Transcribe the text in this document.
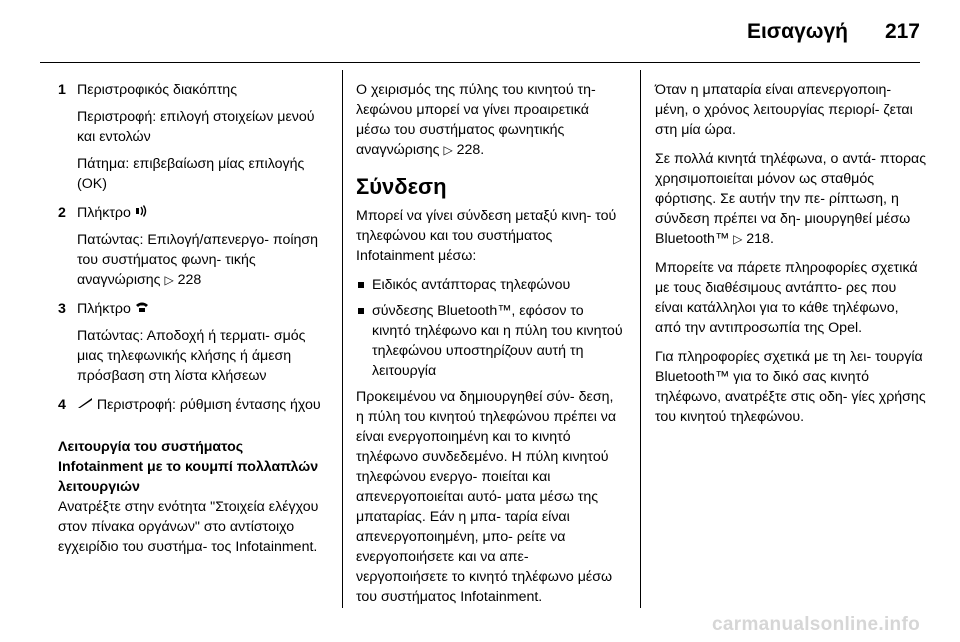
Εισαγωγή 217
1 Περιστροφικός διακόπτης
Περιστροφή: επιλογή στοιχείων μενού και εντολών
Πάτημα: επιβεβαίωση μίας επιλογής (OK)
2 Πλήκτρο
Πατώντας: Επιλογή/απενεργο- ποίηση του συστήματος φωνη- τικής αναγνώρισης ▷ 228
3 Πλήκτρο
Πατώντας: Αποδοχή ή τερματι- σμός μιας τηλεφωνικής κλήσης ή άμεση πρόσβαση στη λίστα κλήσεων
4	Περιστροφή: ρύθμιση έντασης ήχου
Λειτουργία του συστήματος Infotainment με το κουμπί πολλαπλών λειτουργιών
Ανατρέξτε στην ενότητα "Στοιχεία ελέγχου στον πίνακα οργάνων" στο αντίστοιχο εγχειρίδιο του συστήμα- τος Infotainment.

Ο χειρισμός της πύλης του κινητού τη- λεφώνου μπορεί να γίνει προαιρετικά μέσω του συστήματος φωνητικής αναγνώρισης ▷ 228.

Σύνδεση

Μπορεί να γίνει σύνδεση μεταξύ κινη- τού τηλεφώνου και του συστήματος Infotainment μέσω:

Ειδικός αντάπτορας τηλεφώνου
σύνδεσης Bluetooth™, εφόσον το κινητό τηλέφωνο και η πύλη του κινητού τηλεφώνου υποστηρίζουν αυτή τη λειτουργία

Προκειμένου να δημιουργηθεί σύν- δεση, η πύλη του κινητού τηλεφώνου πρέπει να είναι ενεργοποιημένη και το κινητό τηλέφωνο συνδεδεμένο. Η πύλη κινητού τηλεφώνου ενεργο- ποιείται και απενεργοποιείται αυτό- ματα μέσω της μπαταρίας. Εάν η μπα- ταρία είναι απενεργοποιημένη, μπο- ρείτε να ενεργοποιήσετε και να απε- νεργοποιήσετε το κινητό τηλέφωνο μέσω του συστήματος Infotainment.

Όταν η μπαταρία είναι απενεργοποιη- μένη, ο χρόνος λειτουργίας περιορί- ζεται στη μία ώρα.

Σε πολλά κινητά τηλέφωνα, ο αντά- πτορας χρησιμοποιείται μόνον ως σταθμός φόρτισης. Σε αυτήν την πε- ρίπτωση, η σύνδεση πρέπει να δη- μιουργηθεί μέσω Bluetooth™ ▷ 218.

Μπορείτε να πάρετε πληροφορίες σχετικά με τους διαθέσιμους αντάπτο- ρες που είναι κατάλληλοι για το κάθε τηλέφωνο, από την αντιπροσωπία της Opel.

Για πληροφορίες σχετικά με τη λει- τουργία Bluetooth™ για το δικό σας κινητό τηλέφωνο, ανατρέξτε στις οδη- γίες χρήσης του κινητού τηλεφώνου.

carmanualsonline.info
